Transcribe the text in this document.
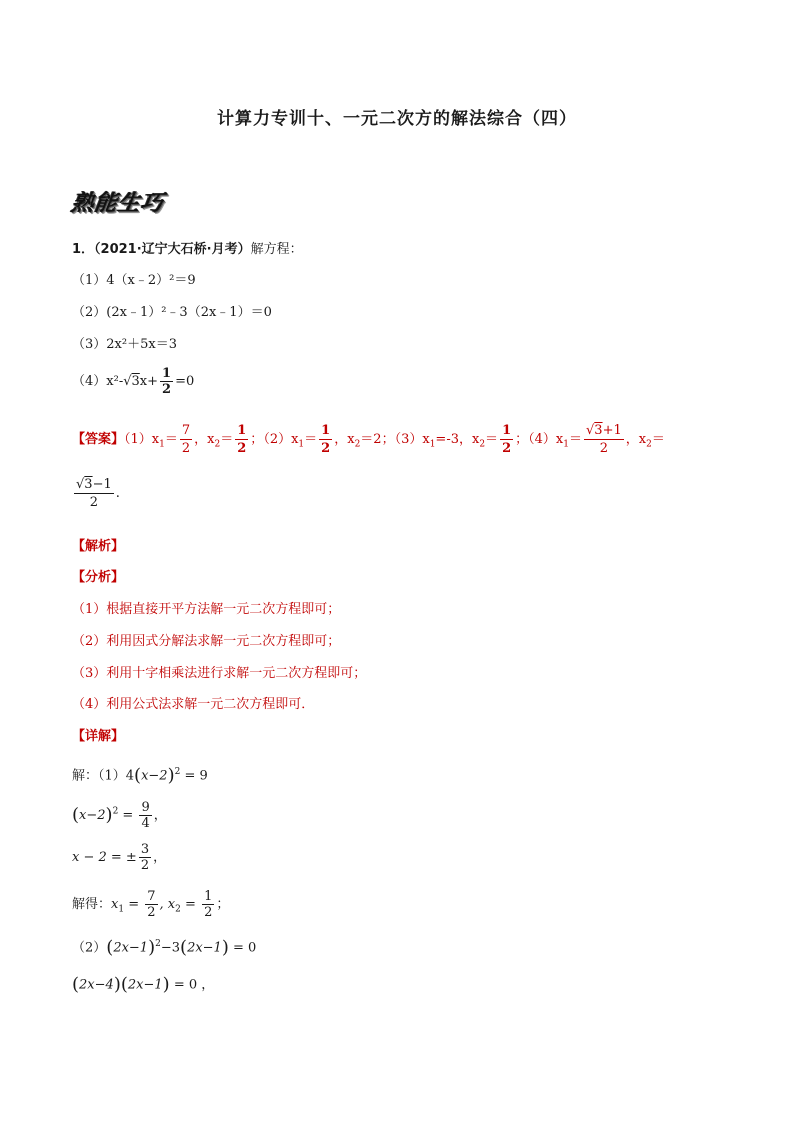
计算力专训十、一元二次方的解法综合（四）
熟能生巧
1．（2021·辽宁大石桥·月考）解方程：
（1）4（x﹣2）²＝9
（2）(2x﹣1）²﹣3（2x﹣1）＝0
（3）2x²＋5x＝3
$(4)x^2-√3x+ \frac{1}{2} =0$
【答案】$(1)x_1= \frac{7}{2}$ ，$x_2= \frac{1}{2}$ ；$(2)x_1= \frac{1}{2}$ ，$x_2=2$；$(3)x_1=-3$，$x_2= \frac{1}{2}$ ；$(4)x_1= \frac{√3+1}{2}$ ，$x_2=$
$\frac{√3-1}{2}$ .
【解析】
【分析】
（1）根据直接开平方法解一元二次方程即可；
（2）利用因式分解法求解一元二次方程即可；
（3）利用十字相乘法进行求解一元二次方程即可；
（4）利用公式法求解一元二次方程即可．
【详解】
解：$(1)4(x-2)^2 = 9$
$(x-2)^2 = \frac{9}{4}$ ，
x − 2 = ± $\frac{3}{2}$ ，
解得：$x_1 = \frac{7}{2}$ , $x_2 = \frac{1}{2}$ ；
$(2)(2x-1)^2-3(2x-1) = 0$
(2x−4)(2x−1) = 0 ，
